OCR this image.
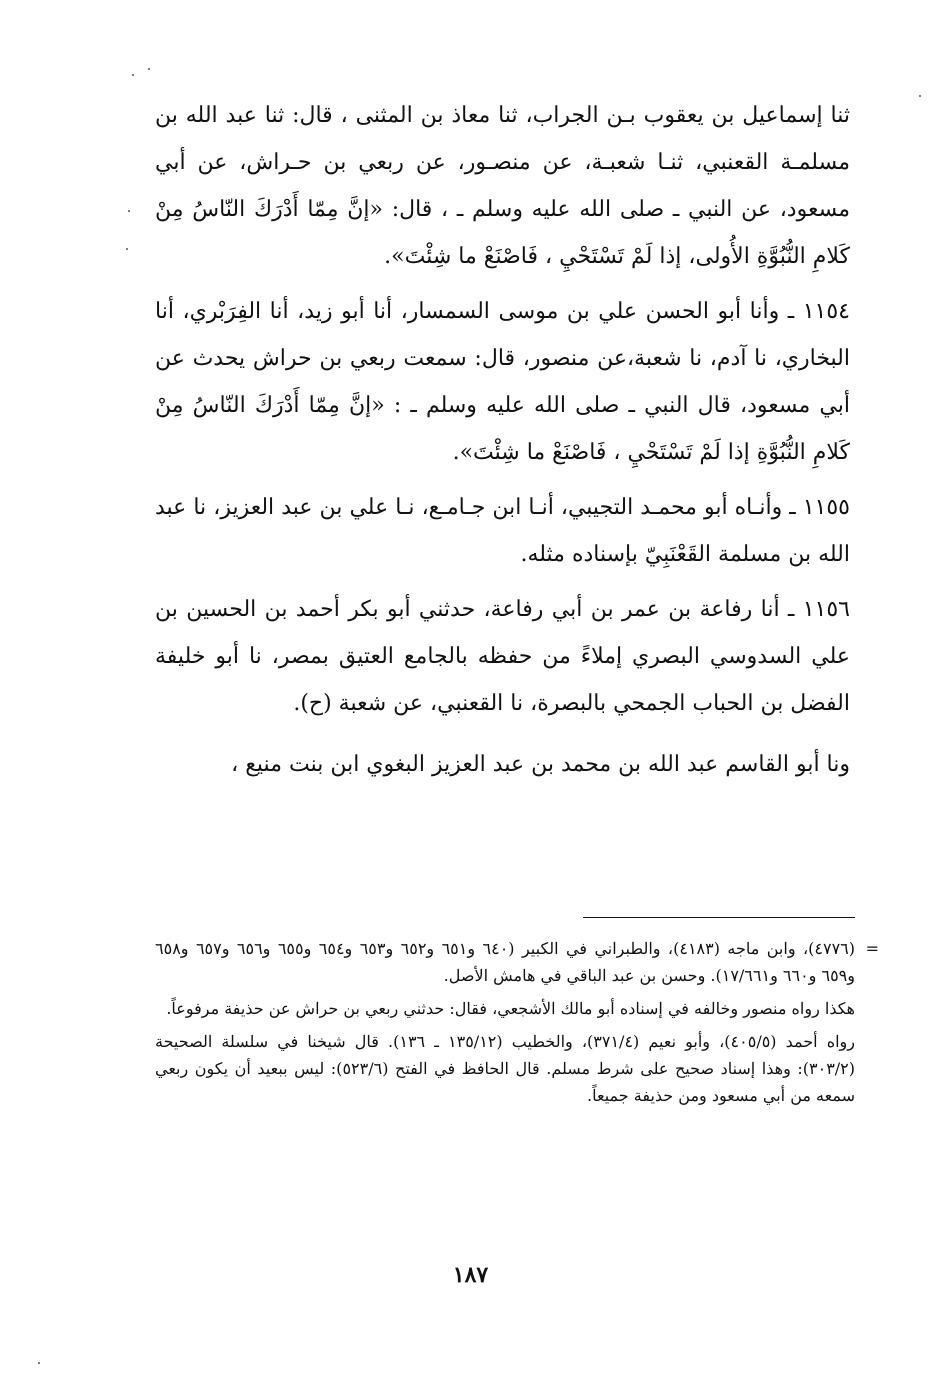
ثنا إسماعيل بن يعقوب بـن الجراب، ثنا معاذ بن المثنى ، قال: ثنا عبد الله بن مسلمـة القعنبي، ثنـا شعبـة، عن منصـور، عن ربعي بن حـراش، عن أبي مسعود، عن النبي ـ صلى الله عليه وسلم ـ ، قال: «إنَّ مِمّا أَدْرَكَ النّاسُ مِنْ كَلامِ النُّبُوَّةِ الأُولى، إذا لَمْ تَسْتَحْيِ ، فَاصْنَعْ ما شِئْتَ».

١١٥٤ ـ وأنا أبو الحسن علي بن موسى السمسار، أنا أبو زيد، أنا الفِرَبْري، أنا البخاري، نا آدم، نا شعبة،عن منصور، قال: سمعت ربعي بن حراش يحدث عن أبي مسعود، قال النبي ـ صلى الله عليه وسلم ـ : «إنَّ مِمّا أَدْرَكَ النّاسُ مِنْ كَلامِ النُّبُوَّةِ إذا لَمْ تَسْتَحْيِ ، فَاصْنَعْ ما شِئْتَ».

١١٥٥ ـ وأنـاه أبو محمـد التجيبي، أنـا ابن جـامـع، نـا علي بن عبد العزيز، نا عبد الله بن مسلمة القَعْنَبِيّ بإسناده مثله.

١١٥٦ ـ أنا رفاعة بن عمر بن أبي رفاعة، حدثني أبو بكر أحمد بن الحسين بن علي السدوسي البصري إملاءً من حفظه بالجامع العتيق بمصر، نا أبو خليفة الفضل بن الحباب الجمحي بالبصرة، نا القعنبي، عن شعبة (ح).

ونا أبو القاسم عبد الله بن محمد بن عبد العزيز البغوي ابن بنت منيع ،

=

(٤٧٧٦)، وابن ماجه (٤١٨٣)، والطبراني في الكبير (٦٤٠ و٦٥١ و٦٥٢ و٦٥٣ و٦٥٤ و٦٥٥ و٦٥٦ و٦٥٧ و٦٥٨ و٦٥٩ و٦٦٠ و١٧/٦٦١). وحسن بن عبد الباقي في هامش الأصل.

هكذا رواه منصور وخالفه في إسناده أبو مالك الأشجعي، فقال: حدثني ربعي بن حراش عن حذيفة مرفوعاً.

رواه أحمد (٤٠٥/٥)، وأبو نعيم (٣٧١/٤)، والخطيب (١٣٥/١٢ ـ ١٣٦). قال شيخنا في سلسلة الصحيحة (٣٠٣/٢): وهذا إسناد صحيح على شرط مسلم. قال الحافظ في الفتح (٥٢٣/٦): ليس ببعيد أن يكون ربعي سمعه من أبي مسعود ومن حذيفة جميعاً.

١٨٧
